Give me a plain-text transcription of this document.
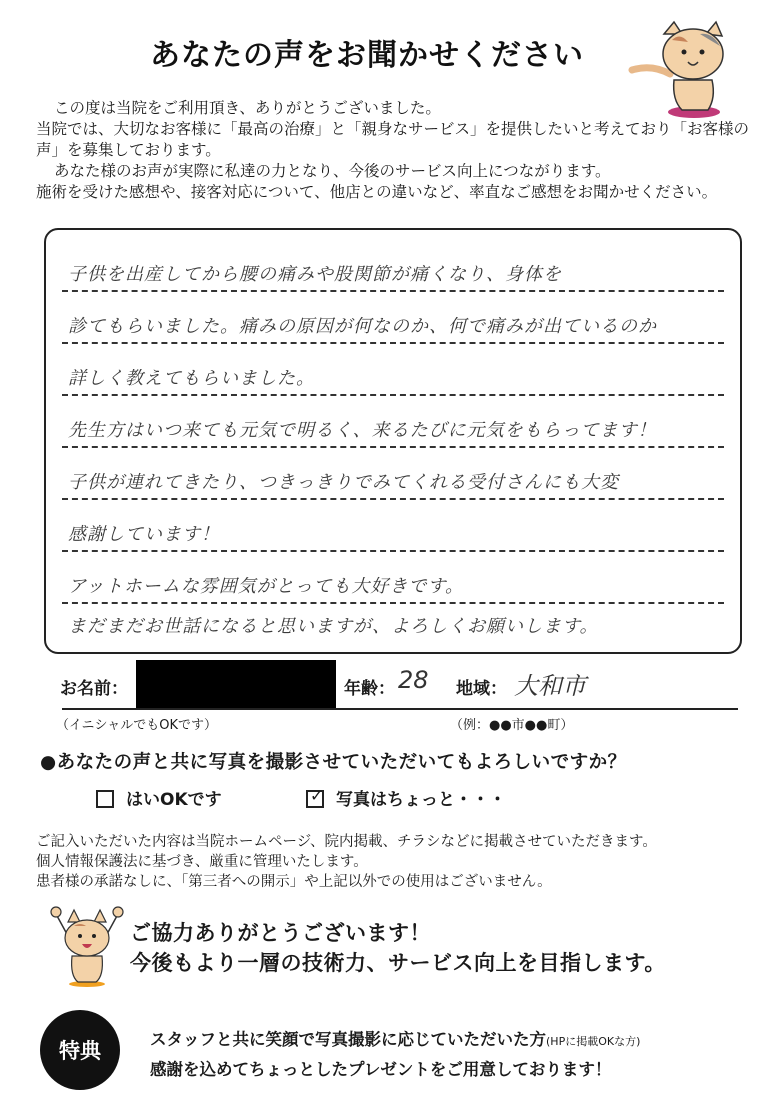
あなたの声をお聞かせください

この度は当院をご利用頂き、ありがとうございました。

当院では、大切なお客様に「最高の治療」と「親身なサービス」を提供したいと考えており「お客様の声」を募集しております。

あなた様のお声が実際に私達の力となり、今後のサービス向上につながります。

施術を受けた感想や、接客対応について、他店との違いなど、率直なご感想をお聞かせください。

子供を出産してから腰の痛みや股関節が痛くなり、身体を
診てもらいました。痛みの原因が何なのか、何で痛みが出ているのか
詳しく教えてもらいました。
先生方はいつ来ても元気で明るく、来るたびに元気をもらってます！
子供が連れてきたり、つきっきりでみてくれる受付さんにも大変
感謝しています！
アットホームな雰囲気がとっても大好きです。
まだまだお世話になると思いますが、よろしくお願いします。
お名前：	年齢： 28 地域： 大和市
（イニシャルでもOKです）	（例：●●市●●町）
●あなたの声と共に写真を撮影させていただいてもよろしいですか？
はいOKです	✓ 写真はちょっと・・・

ご記入いただいた内容は当院ホームページ、院内掲載、チラシなどに掲載させていただきます。

個人情報保護法に基づき、厳重に管理いたします。

患者様の承諾なしに、「第三者への開示」や上記以外での使用はございません。

ご協力ありがとうございます！

今後もより一層の技術力、サービス向上を目指します。

特典	スタッフと共に笑顔で写真撮影に応じていただいた方(HPに掲載OKな方)

感謝を込めてちょっとしたプレゼントをご用意しております！
